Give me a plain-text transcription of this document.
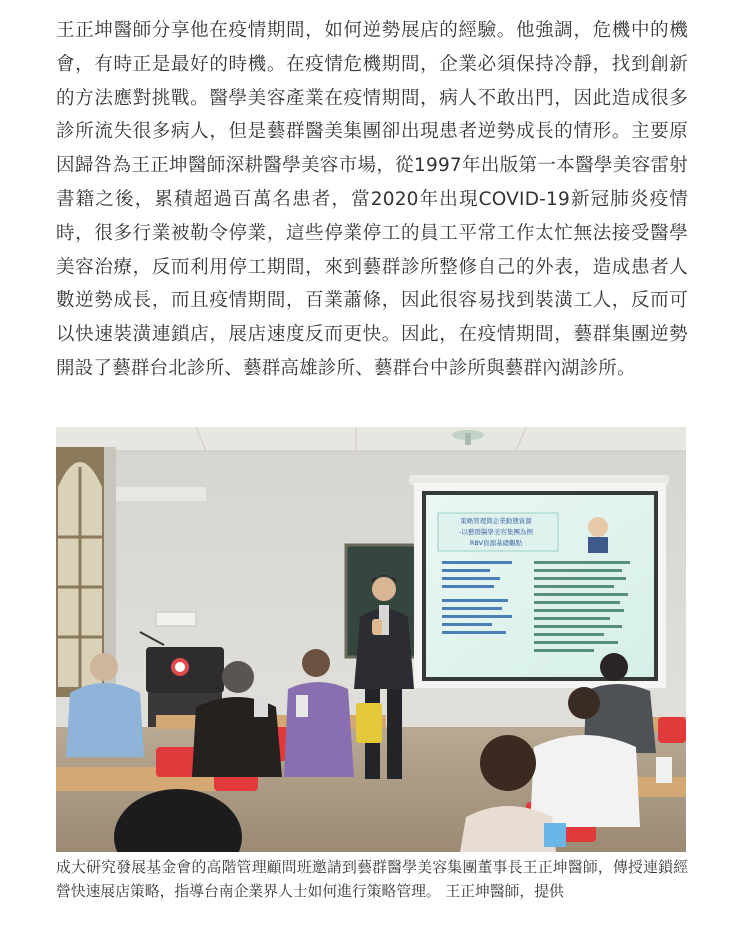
王正坤醫師分享他在疫情期間，如何逆勢展店的經驗。他強調，危機中的機會，有時正是最好的時機。在疫情危機期間，企業必須保持冷靜，找到創新的方法應對挑戰。醫學美容產業在疫情期間，病人不敢出門，因此造成很多診所流失很多病人，但是藝群醫美集團卻出現患者逆勢成長的情形。主要原因歸咎為王正坤醫師深耕醫學美容市場，從1997年出版第一本醫學美容雷射書籍之後，累積超過百萬名患者，當2020年出現COVID-19新冠肺炎疫情時，很多行業被勒令停業，這些停業停工的員工平常工作太忙無法接受醫學美容治療，反而利用停工期間，來到藝群診所整修自己的外表，造成患者人數逆勢成長，而且疫情期間，百業蕭條，因此很容易找到裝潢工人，反而可以快速裝潢連鎖店，展店速度反而更快。因此，在疫情期間，藝群集團逆勢開設了藝群台北診所、藝群高雄診所、藝群台中診所與藝群內湖診所。
策略管理與企業動態資源
-以藝群醫學美容集團為例
RBV資源基礎觀點
成大研究發展基金會的高階管理顧問班邀請到藝群醫學美容集團董事長王正坤醫師，傳授連鎖經營快速展店策略，指導台南企業界人士如何進行策略管理。 王正坤醫師，提供
